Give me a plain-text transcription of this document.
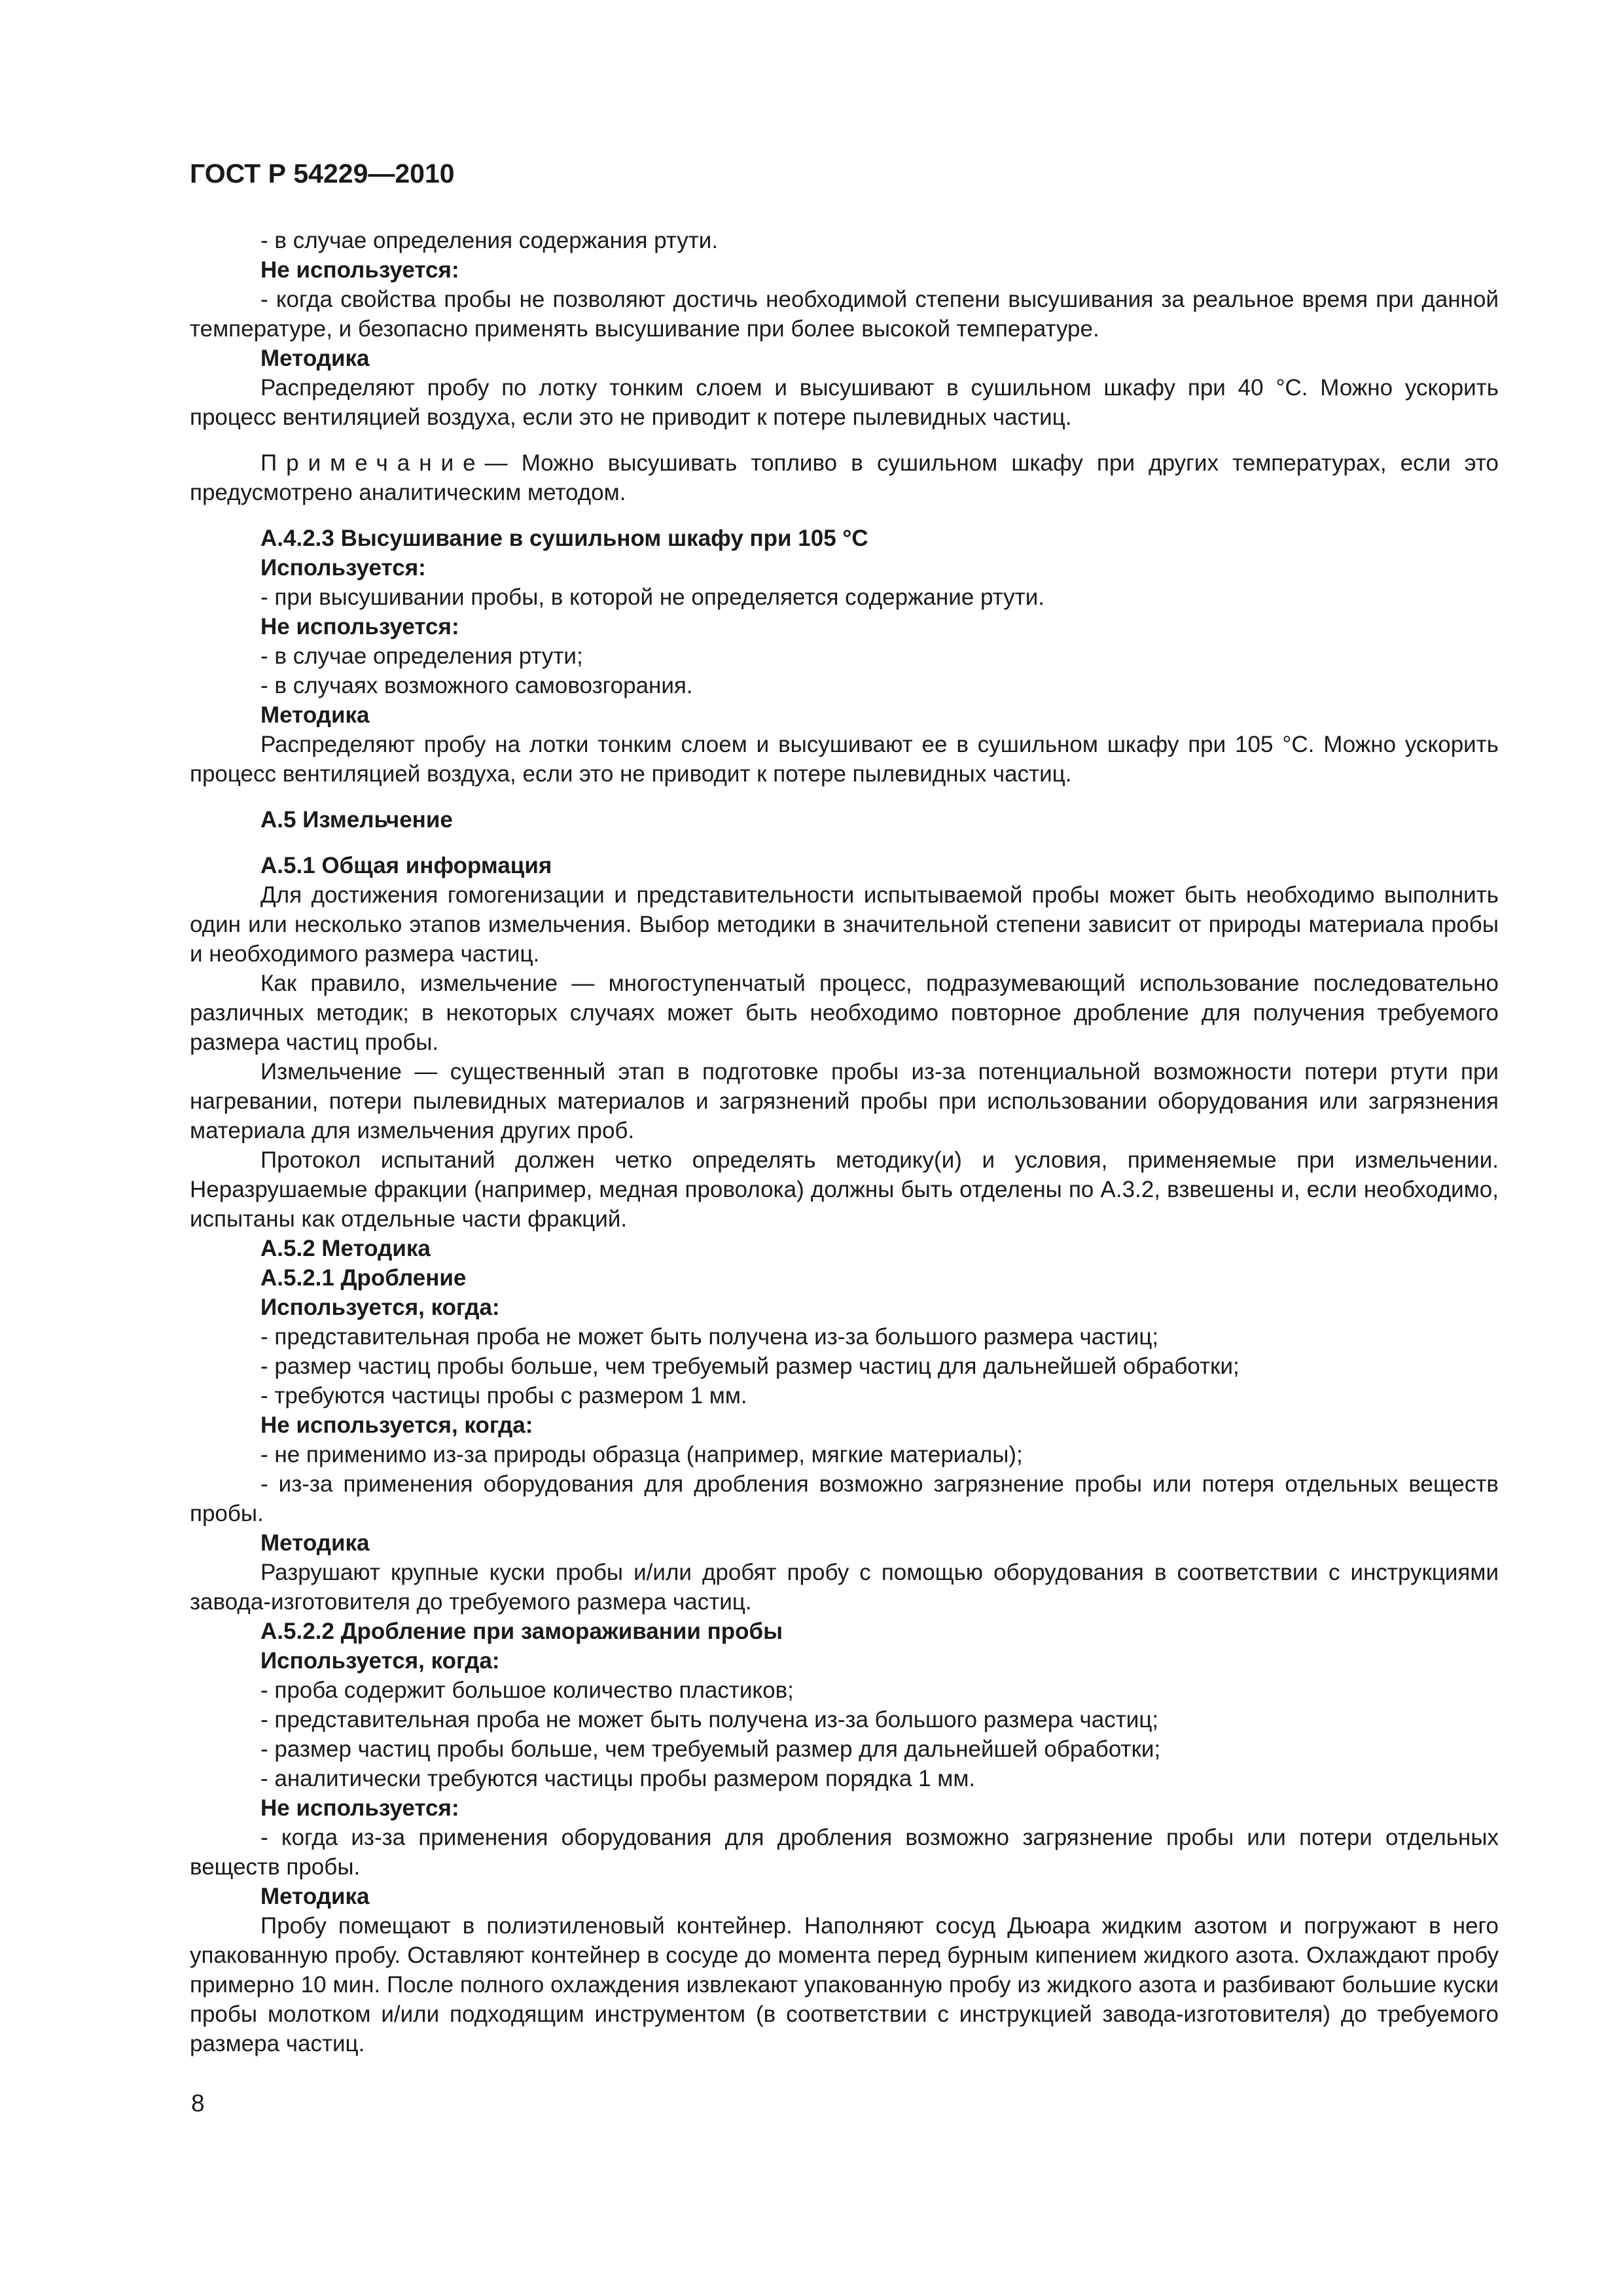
ГОСТ Р 54229—2010

- в случае определения содержания ртути.

Не используется:

- когда свойства пробы не позволяют достичь необходимой степени высушивания за реальное время при данной температуре, и безопасно применять высушивание при более высокой температуре.

Методика

Распределяют пробу по лотку тонким слоем и высушивают в сушильном шкафу при 40 °С. Можно ускорить процесс вентиляцией воздуха, если это не приводит к потере пылевидных частиц.

Примечание— Можно высушивать топливо в сушильном шкафу при других температурах, если это предусмотрено аналитическим методом.

А.4.2.3 Высушивание в сушильном шкафу при 105 °С

Используется:

- при высушивании пробы, в которой не определяется содержание ртути.

Не используется:

- в случае определения ртути;

- в случаях возможного самовозгорания.

Методика

Распределяют пробу на лотки тонким слоем и высушивают ее в сушильном шкафу при 105 °С. Можно ускорить процесс вентиляцией воздуха, если это не приводит к потере пылевидных частиц.

А.5 Измельчение

А.5.1 Общая информация

Для достижения гомогенизации и представительности испытываемой пробы может быть необходимо выполнить один или несколько этапов измельчения. Выбор методики в значительной степени зависит от природы материала пробы и необходимого размера частиц.

Как правило, измельчение — многоступенчатый процесс, подразумевающий использование последовательно различных методик; в некоторых случаях может быть необходимо повторное дробление для получения требуемого размера частиц пробы.

Измельчение — существенный этап в подготовке пробы из-за потенциальной возможности потери ртути при нагревании, потери пылевидных материалов и загрязнений пробы при использовании оборудования или загрязнения материала для измельчения других проб.

Протокол испытаний должен четко определять методику(и) и условия, применяемые при измельчении. Неразрушаемые фракции (например, медная проволока) должны быть отделены по А.3.2, взвешены и, если необходимо, испытаны как отдельные части фракций.

А.5.2 Методика

А.5.2.1 Дробление

Используется, когда:

- представительная проба не может быть получена из-за большого размера частиц;

- размер частиц пробы больше, чем требуемый размер частиц для дальнейшей обработки;

- требуются частицы пробы с размером 1 мм.

Не используется, когда:

- не применимо из-за природы образца (например, мягкие материалы);

- из-за применения оборудования для дробления возможно загрязнение пробы или потеря отдельных веществ пробы.

Методика

Разрушают крупные куски пробы и/или дробят пробу с помощью оборудования в соответствии с инструкциями завода-изготовителя до требуемого размера частиц.

А.5.2.2 Дробление при замораживании пробы

Используется, когда:

- проба содержит большое количество пластиков;

- представительная проба не может быть получена из-за большого размера частиц;

- размер частиц пробы больше, чем требуемый размер для дальнейшей обработки;

- аналитически требуются частицы пробы размером порядка 1 мм.

Не используется:

- когда из-за применения оборудования для дробления возможно загрязнение пробы или потери отдельных веществ пробы.

Методика

Пробу помещают в полиэтиленовый контейнер. Наполняют сосуд Дьюара жидким азотом и погружают в него упакованную пробу. Оставляют контейнер в сосуде до момента перед бурным кипением жидкого азота. Охлаждают пробу примерно 10 мин. После полного охлаждения извлекают упакованную пробу из жидкого азота и разбивают большие куски пробы молотком и/или подходящим инструментом (в соответствии с инструкцией завода-изготовителя) до требуемого размера частиц.

8
